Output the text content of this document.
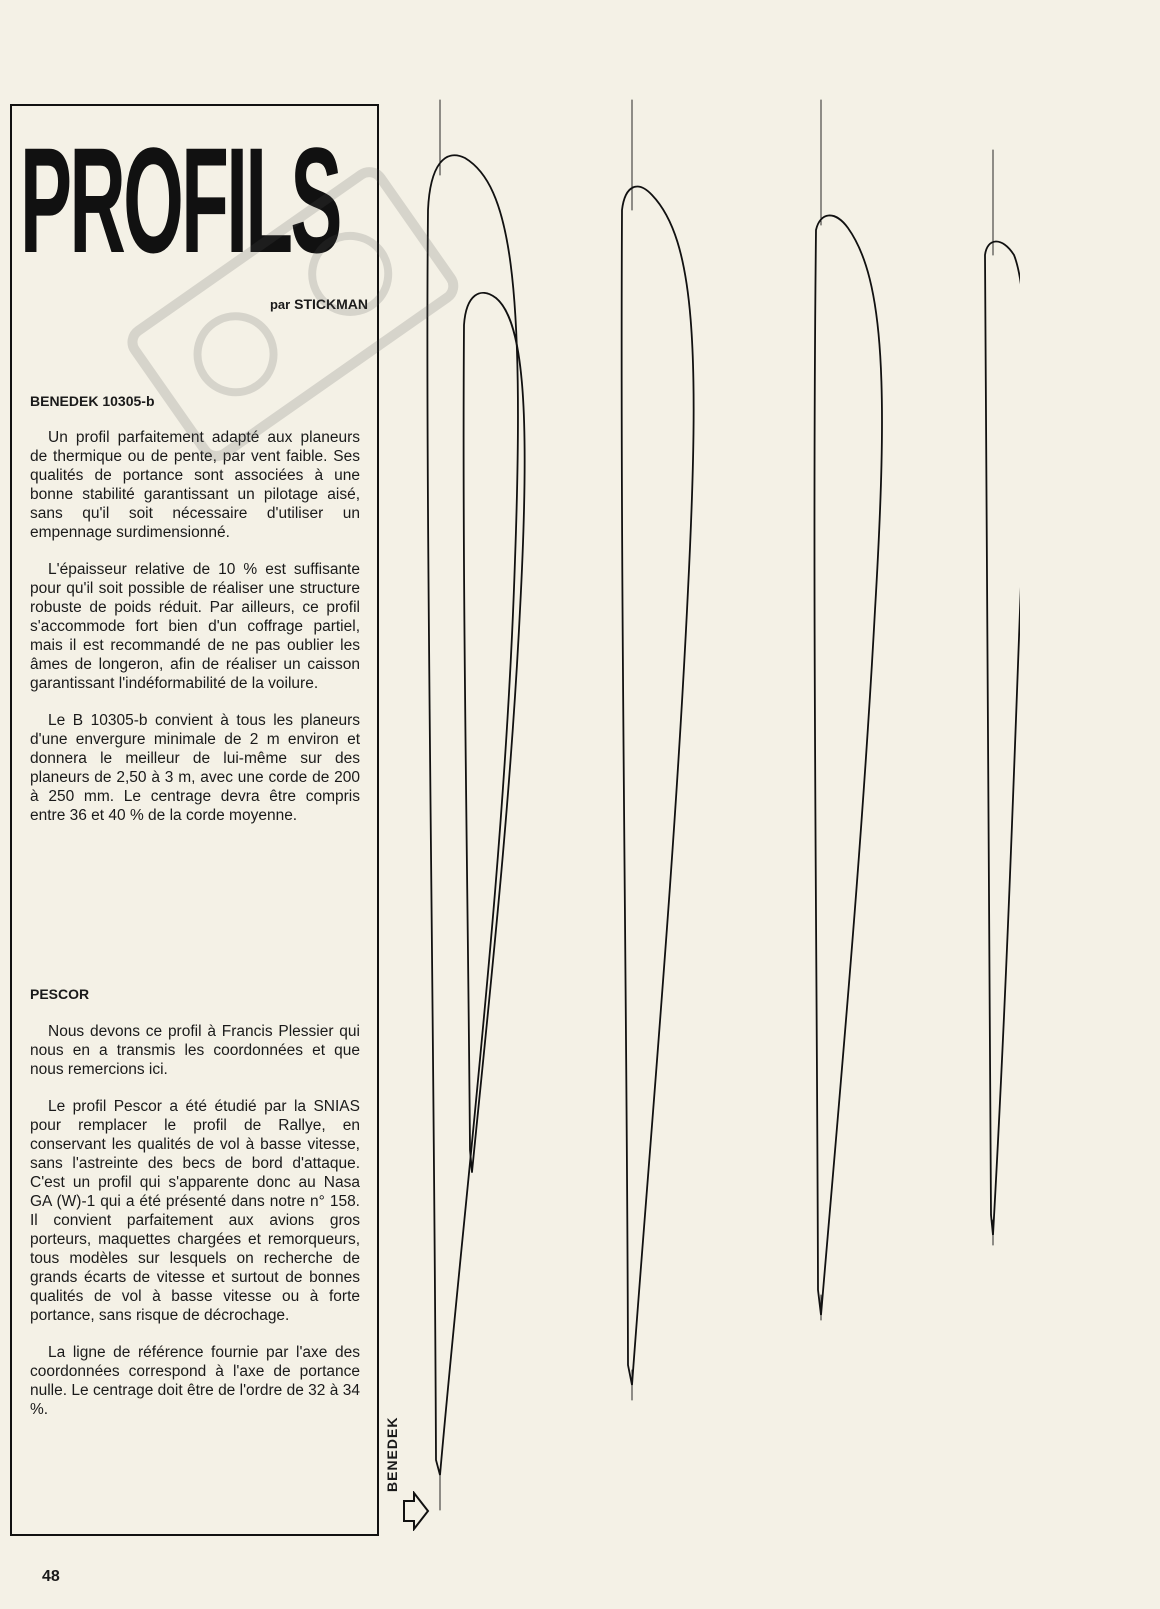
PROFILS
par STICKMAN

BENEDEK 10305-b

Un profil parfaitement adapté aux planeurs de thermique ou de pente, par vent faible. Ses qualités de portance sont associées à une bonne stabilité garantissant un pilotage aisé, sans qu'il soit nécessaire d'utiliser un empennage surdimensionné.

L'épaisseur relative de 10 % est suffisante pour qu'il soit possible de réaliser une structure robuste de poids réduit. Par ailleurs, ce profil s'accommode fort bien d'un coffrage partiel, mais il est recommandé de ne pas oublier les âmes de longeron, afin de réaliser un caisson garantissant l'indéformabilité de la voilure.

Le B 10305-b convient à tous les planeurs d'une envergure minimale de 2 m environ et donnera le meilleur de lui-même sur des planeurs de 2,50 à 3 m, avec une corde de 200 à 250 mm. Le centrage devra être compris entre 36 et 40 % de la corde moyenne.

PESCOR

Nous devons ce profil à Francis Plessier qui nous en a transmis les coordonnées et que nous remercions ici.

Le profil Pescor a été étudié par la SNIAS pour remplacer le profil de Rallye, en conservant les qualités de vol à basse vitesse, sans l'astreinte des becs de bord d'attaque. C'est un profil qui s'apparente donc au Nasa GA (W)-1 qui a été présenté dans notre n° 158. Il convient parfaitement aux avions gros porteurs, maquettes chargées et remorqueurs, tous modèles sur lesquels on recherche de grands écarts de vitesse et surtout de bonnes qualités de vol à basse vitesse ou à forte portance, sans risque de décrochage.

La ligne de référence fournie par l'axe des coordonnées correspond à l'axe de portance nulle. Le centrage doit être de l'ordre de 32 à 34 %.

48
BENEDEK
